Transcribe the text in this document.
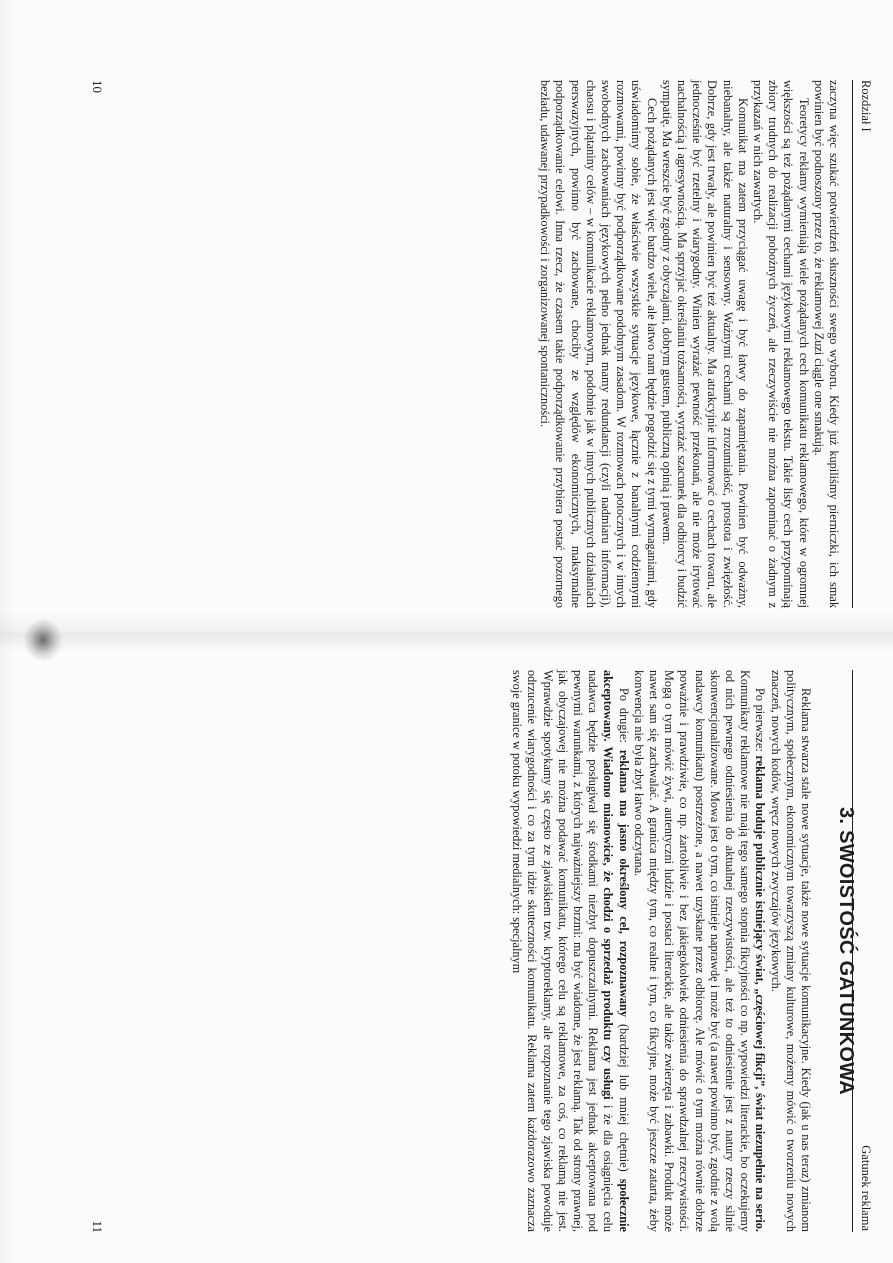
Rozdział I

zaczyna więc szukać potwierdzeń słuszności swego wyboru. Kiedy już kupiliśmy pierniczki, ich smak powinien być podnoszony przez to, że reklamowej Zuzi ciągle one smakują.

Teoretycy reklamy wymieniają wiele pożądanych cech komunikatu reklamowego, które w ogromnej większości są też pożądanymi cechami językowymi reklamowego tekstu. Takie listy cech przypominają zbiory trudnych do realizacji pobożnych życzeń, ale rzeczywiście nie można zapominać o żadnym z przykazań w nich zawartych.

Komunikat ma zatem przyciągać uwagę i być łatwy do zapamiętania. Powinien być odważny, niebanalny, ale także naturalny i sensowny. Ważnymi cechami są zrozumiałość, prostota i zwięzłość. Dobrze, gdy jest trwały, ale powinien być też aktualny. Ma atrakcyjnie informować o cechach towaru, ale jednocześnie być rzetelny i wiarygodny. Winien wyrażać pewność przekonań, ale nie może irytować nachalnością i agresywnością. Ma sprzyjać określaniu tożsamości, wyrażać szacunek dla odbiorcy i budzić sympatię. Ma wreszcie być zgodny z obyczajami, dobrym gustem, publiczną opinią i prawem.

Cech pożądanych jest więc bardzo wiele, ale łatwo nam będzie pogodzić się z tymi wymaganiami, gdy uświadomimy sobie, że właściwie wszystkie sytuacje językowe, łącznie z banalnymi codziennymi rozmowami, powinny być podporządkowane podobnym zasadom. W rozmowach potocznych i w innych swobodnych zachowaniach językowych pełno jednak mamy redundancji (czyli nadmiaru informacji), chaosu i plątaniny celów – w komunikacie reklamowym, podobnie jak w innych publicznych działaniach perswazyjnych, powinno być zachowane, chociby ze względów ekonomicznych, maksymalne podporządkowanie celowi. Inna rzecz, że czasem takie podporządkowanie przybiera postać pozornego bezładu, udawanej przypadkowości i zorganizowanej spontaniczności.

10
Gatunek reklama
3. SWOISTOŚĆ GATUNKOWA

Reklama stwarza stale nowe sytuacje, także nowe sytuacje komunikacyjne. Kiedy (jak u nas teraz) zmianom politycznym, społecznym, ekonomicznym towarzyszą zmiany kulturowe, możemy mówić o tworzeniu nowych znaczeń, nowych kodów, wręcz nowych zwyczajów językowych.

Po pierwsze: reklama buduje publicznie istniejący świat, „częściowej fikcji”, świat niezupełnie na serio. Komunikaty reklamowe nie mają tego samego stopnia fikcyjności co np. wypowiedzi literackie, bo oczekujemy od nich pewnego odniesienia do aktualnej rzeczywistości, ale też to odniesienie jest z natury rzeczy silnie skonwencjonalizowane. Mowa jest o tym, co istnieje naprawdę i może być (a nawet powinno być, zgodnie z wolą nadawcy komunikatu) postrzeżone, a nawet uzyskane przez odbiorcę. Ale mówić o tym można równie dobrze poważnie i prawdziwie, co np. żartobliwie i bez jakiegokolwiek odniesienia do sprawdzalnej rzeczywistości. Mogą o tym mówić żywi, autentyczni ludzie i postaci literackie, ale także zwierzęta i zabawki. Produkt może nawet sam się zachwalać. A granica między tym, co realne i tym, co fikcyjne, może być jeszcze zatarta, żeby konwencja nie była zbyt łatwo odczytana.

Po drugie: reklama ma jasno określony cel, rozpoznawany (bardziej lub mniej chętnie) społecznie akceptowany. Wiadomo mianowicie, że chodzi o sprzedaż produktu czy usługi i że dla osiągnięcia celu nadawca będzie posługiwał się środkami niezbyt dopuszczalnymi. Reklama jest jednak akceptowana pod pewnymi warunkami, z których najważniejszy brzmi: ma być wiadome, że jest reklamą. Tak od strony prawnej, jak obyczajowej nie można podawać komunikatu, którego celu są reklamowe, za coś, co reklamą nie jest. Wprawdzie spotykamy się często ze zjawiskiem tzw. kryptoreklamy, ale rozpoznanie tego zjawiska powoduje odrzucenie wiarygodności i co za tym idzie skuteczności komunikatu. Reklama zatem każdorazowo zaznacza swoje granice w potoku wypowiedzi medialnych: specjalnym

11
